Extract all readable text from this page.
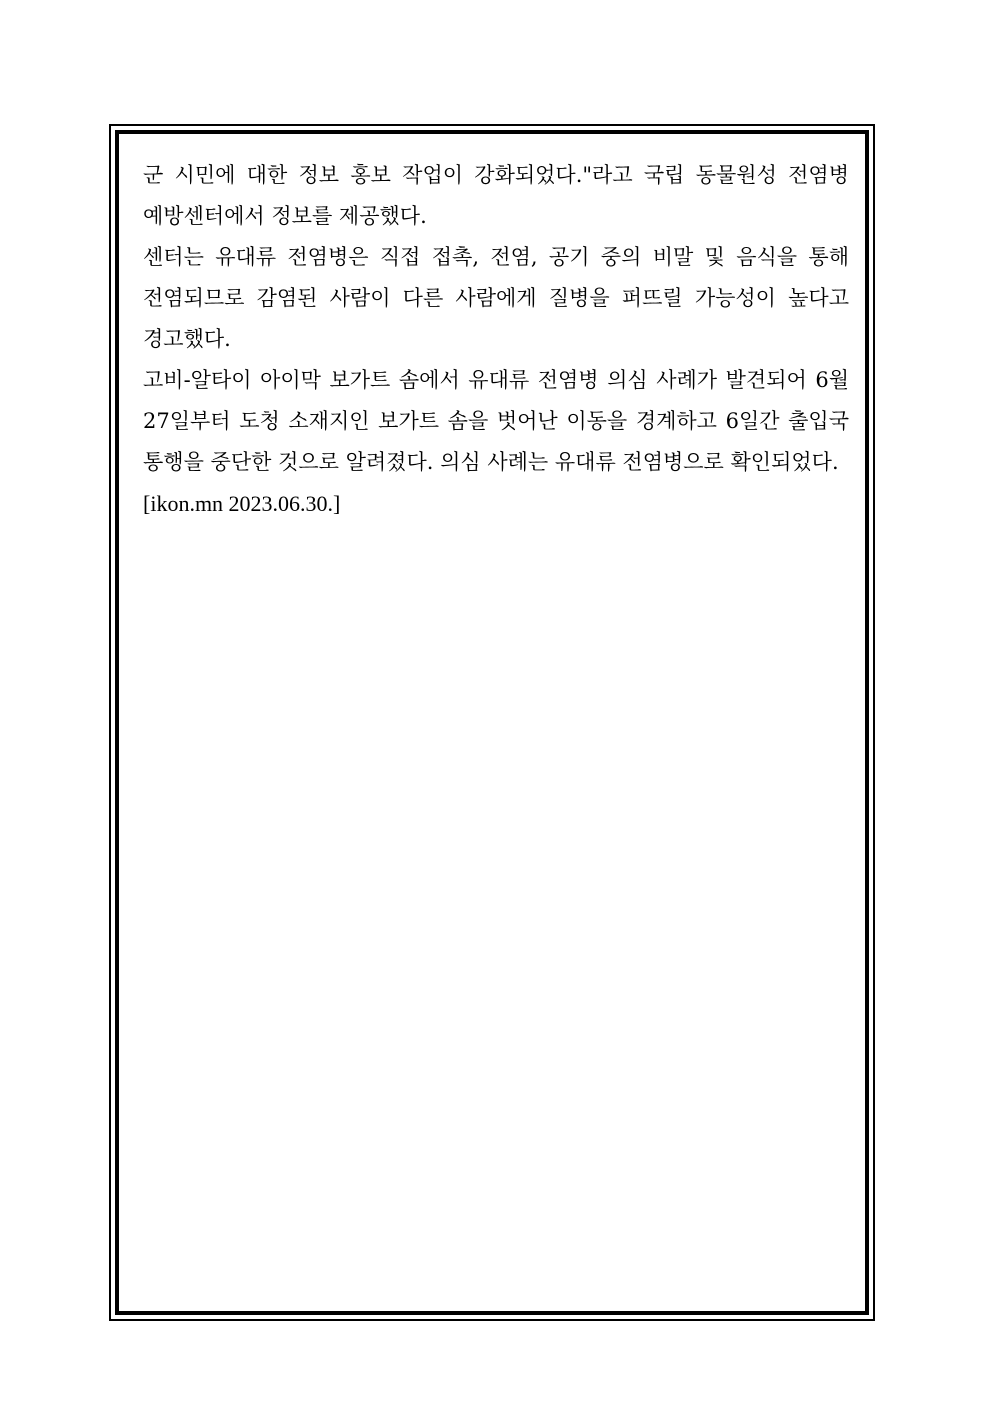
군 시민에 대한 정보 홍보 작업이 강화되었다."라고 국립 동물원성 전염병 예방센터에서 정보를 제공했다.

센터는 유대류 전염병은 직접 접촉, 전염, 공기 중의 비말 및 음식을 통해 전염되므로 감염된 사람이 다른 사람에게 질병을 퍼뜨릴 가능성이 높다고 경고했다.

고비-알타이 아이막 보가트 솜에서 유대류 전염병 의심 사례가 발견되어 6월 27일부터 도청 소재지인 보가트 솜을 벗어난 이동을 경계하고 6일간 출입국 통행을 중단한 것으로 알려졌다. 의심 사례는 유대류 전염병으로 확인되었다.

[ikon.mn 2023.06.30.]
